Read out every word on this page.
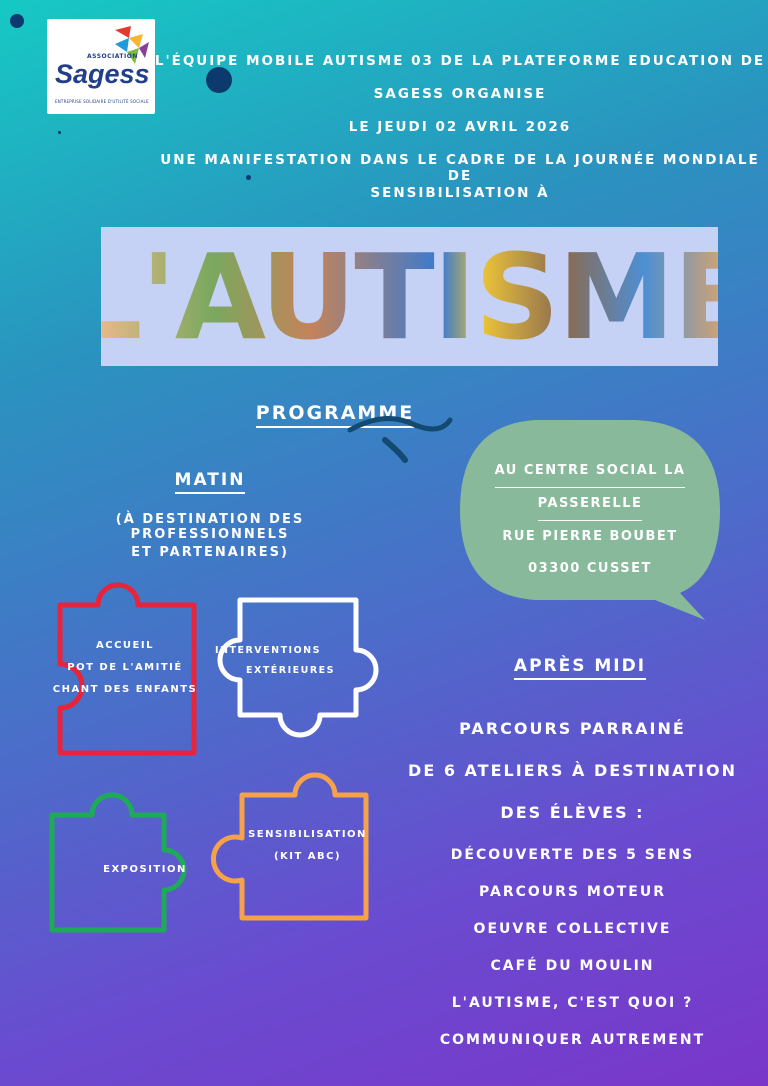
ASSOCIATION
Sagess
ENTREPRISE SOLIDAIRE D'UTILITÉ SOCIALE
L'ÉQUIPE MOBILE AUTISME 03 DE LA PLATEFORME EDUCATION DE
SAGESS ORGANISE
LE JEUDI 02 AVRIL 2026
UNE MANIFESTATION DANS LE CADRE DE LA JOURNÉE MONDIALE DE
SENSIBILISATION À
L'AUTISME
PROGRAMME
MATIN
(À DESTINATION DES PROFESSIONNELS
ET PARTENAIRES)
ACCUEIL
POT DE L'AMITIÉ
CHANT DES ENFANTS
INTERVENTIONS
EXTÉRIEURES
EXPOSITION
SENSIBILISATION
(KIT ABC)
AU CENTRE SOCIAL LA
PASSERELLE
RUE PIERRE BOUBET
03300 CUSSET
APRÈS MIDI
PARCOURS PARRAINÉ
DE 6 ATELIERS À DESTINATION
DES ÉLÈVES :
DÉCOUVERTE DES 5 SENS
PARCOURS MOTEUR
OEUVRE COLLECTIVE
CAFÉ DU MOULIN
L'AUTISME, C'EST QUOI ?
COMMUNIQUER AUTREMENT
